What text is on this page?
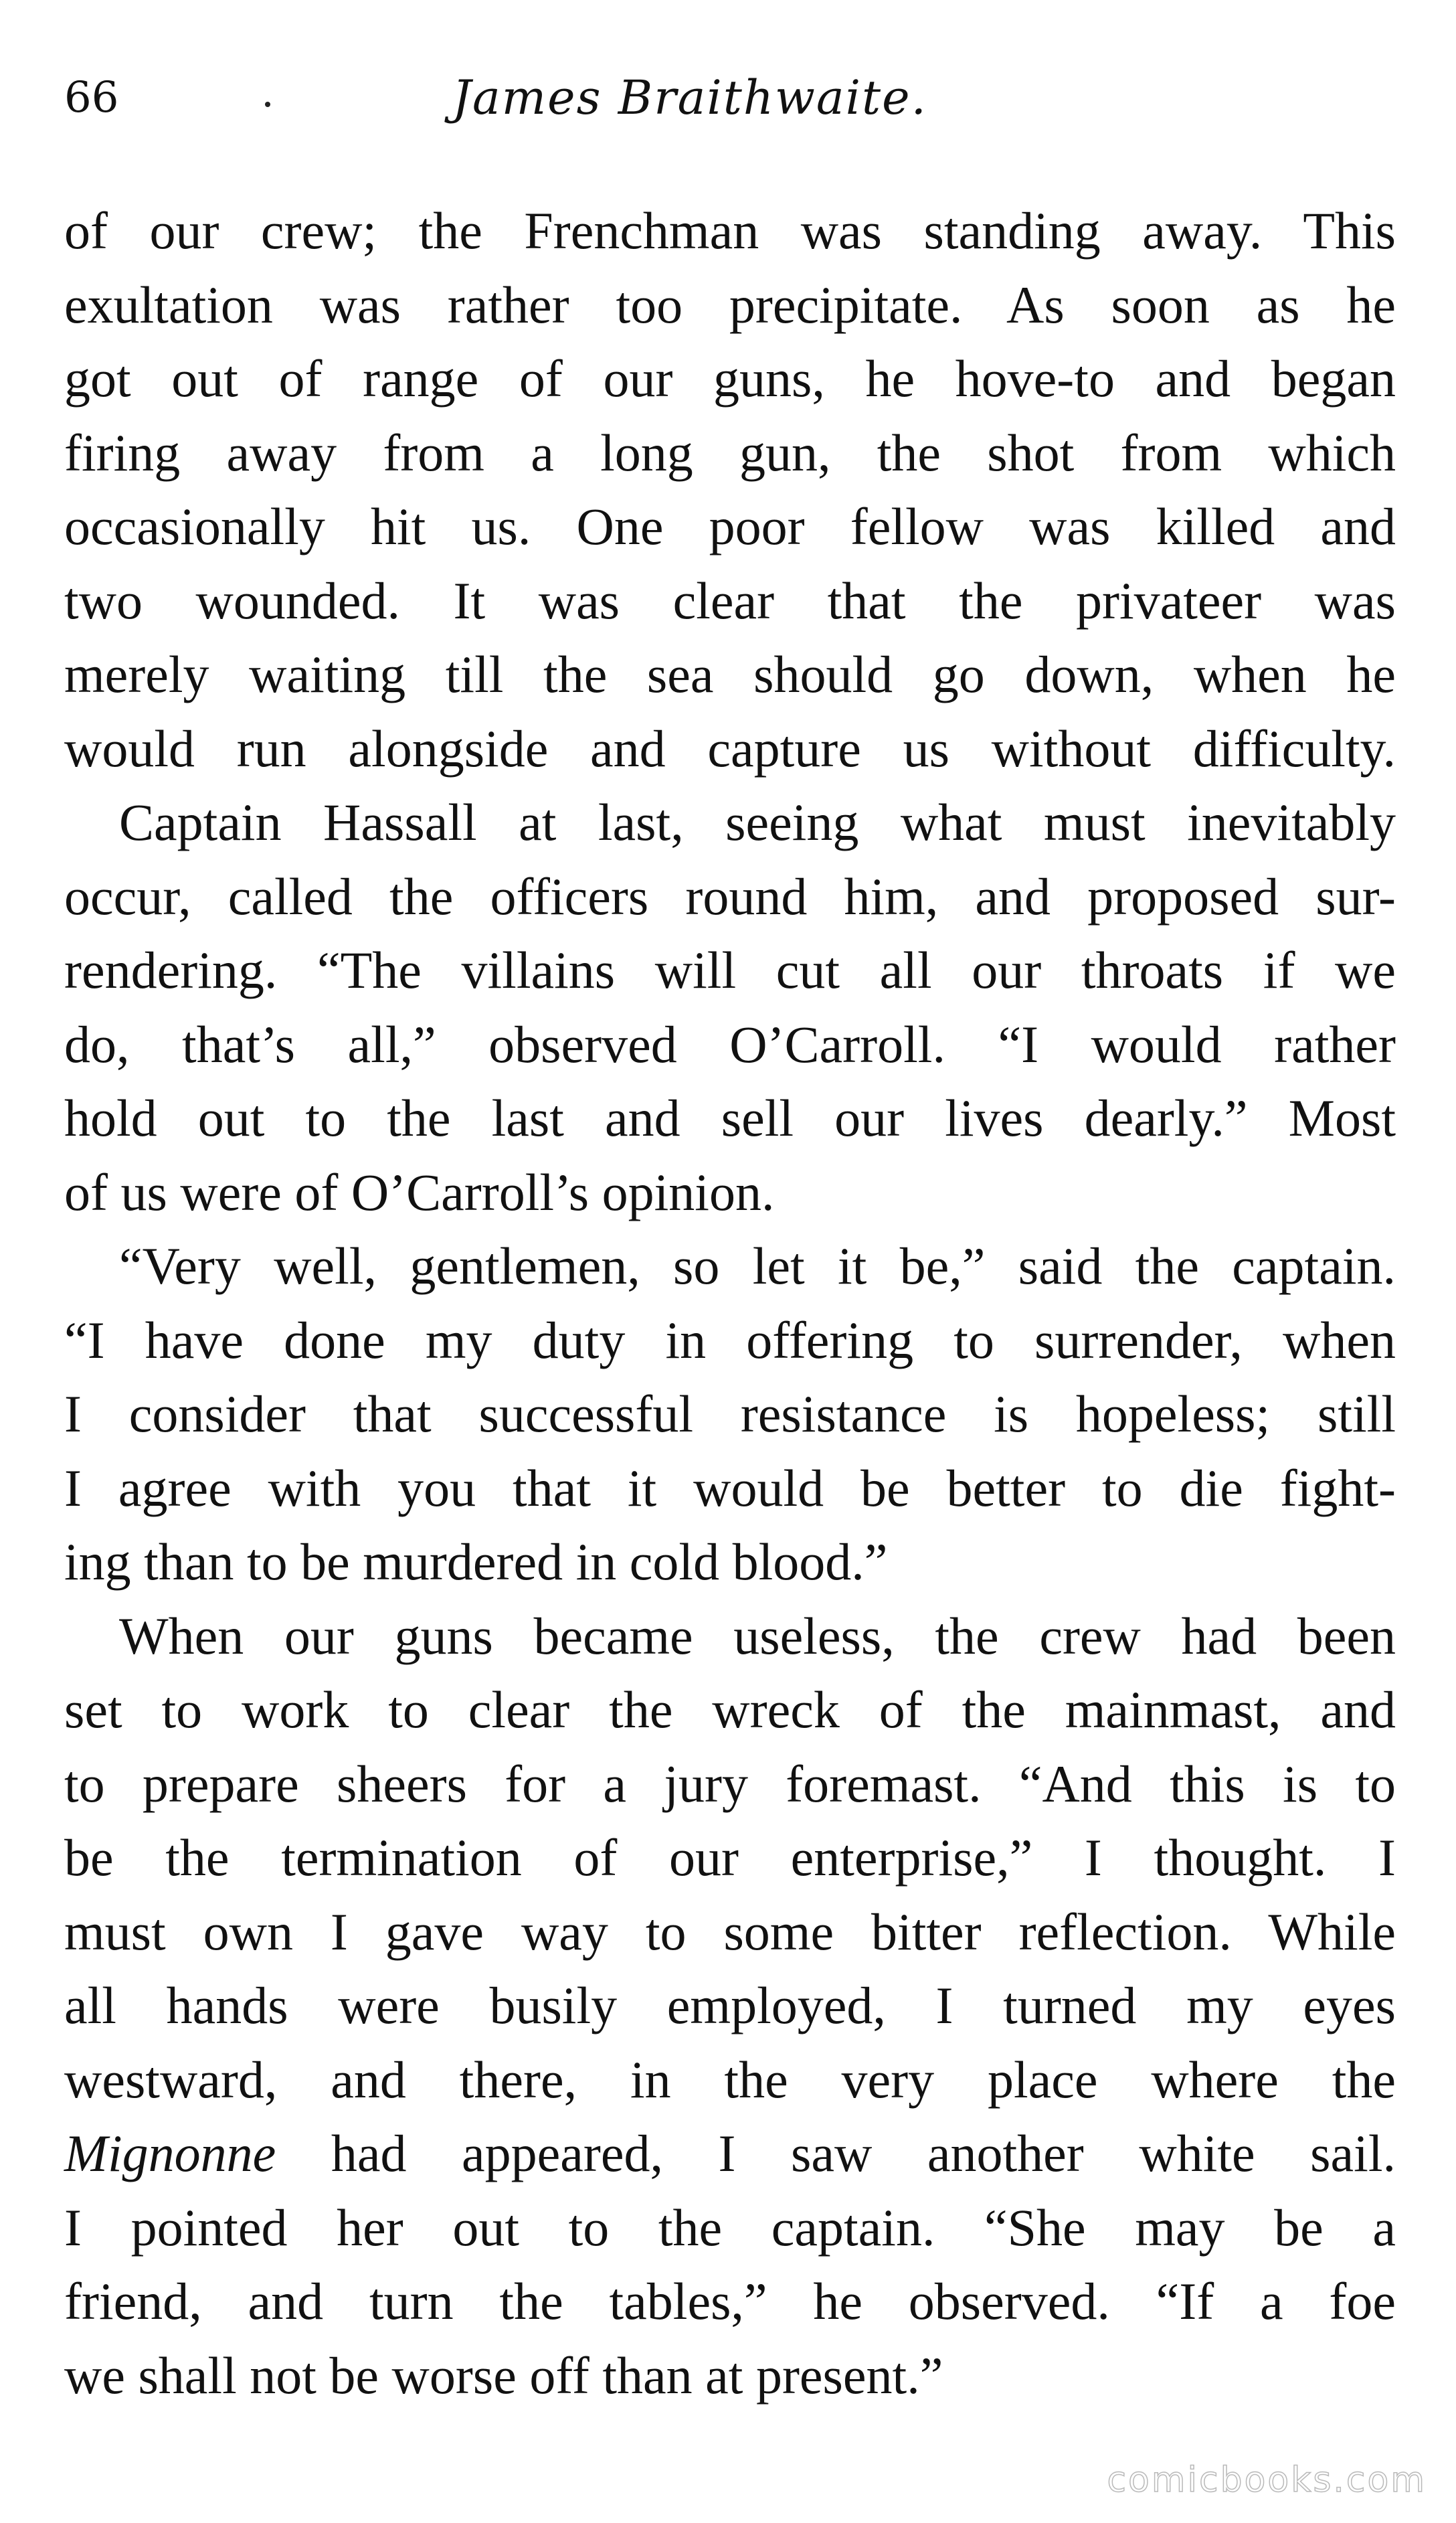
66	James Braithwaite.

of our crew; the Frenchman was standing away. This
exultation was rather too precipitate. As soon as he
got out of range of our guns, he hove-to and began
firing away from a long gun, the shot from which
occasionally hit us. One poor fellow was killed and
two wounded. It was clear that the privateer was
merely waiting till the sea should go down, when he
would run alongside and capture us without difficulty.

Captain Hassall at last, seeing what must inevitably
occur, called the officers round him, and proposed sur-
rendering. “The villains will cut all our throats if we
do, that’s all,” observed O’Carroll. “I would rather
hold out to the last and sell our lives dearly.” Most
of us were of O’Carroll’s opinion.

“Very well, gentlemen, so let it be,” said the captain.
“I have done my duty in offering to surrender, when
I consider that successful resistance is hopeless; still
I agree with you that it would be better to die fight-
ing than to be murdered in cold blood.”

When our guns became useless, the crew had been
set to work to clear the wreck of the mainmast, and
to prepare sheers for a jury foremast. “And this is to
be the termination of our enterprise,” I thought. I
must own I gave way to some bitter reflection. While
all hands were busily employed, I turned my eyes
westward, and there, in the very place where the
Mignonne had appeared, I saw another white sail.
I pointed her out to the captain. “She may be a
friend, and turn the tables,” he observed. “If a foe
we shall not be worse off than at present.”

comicbooks.com
